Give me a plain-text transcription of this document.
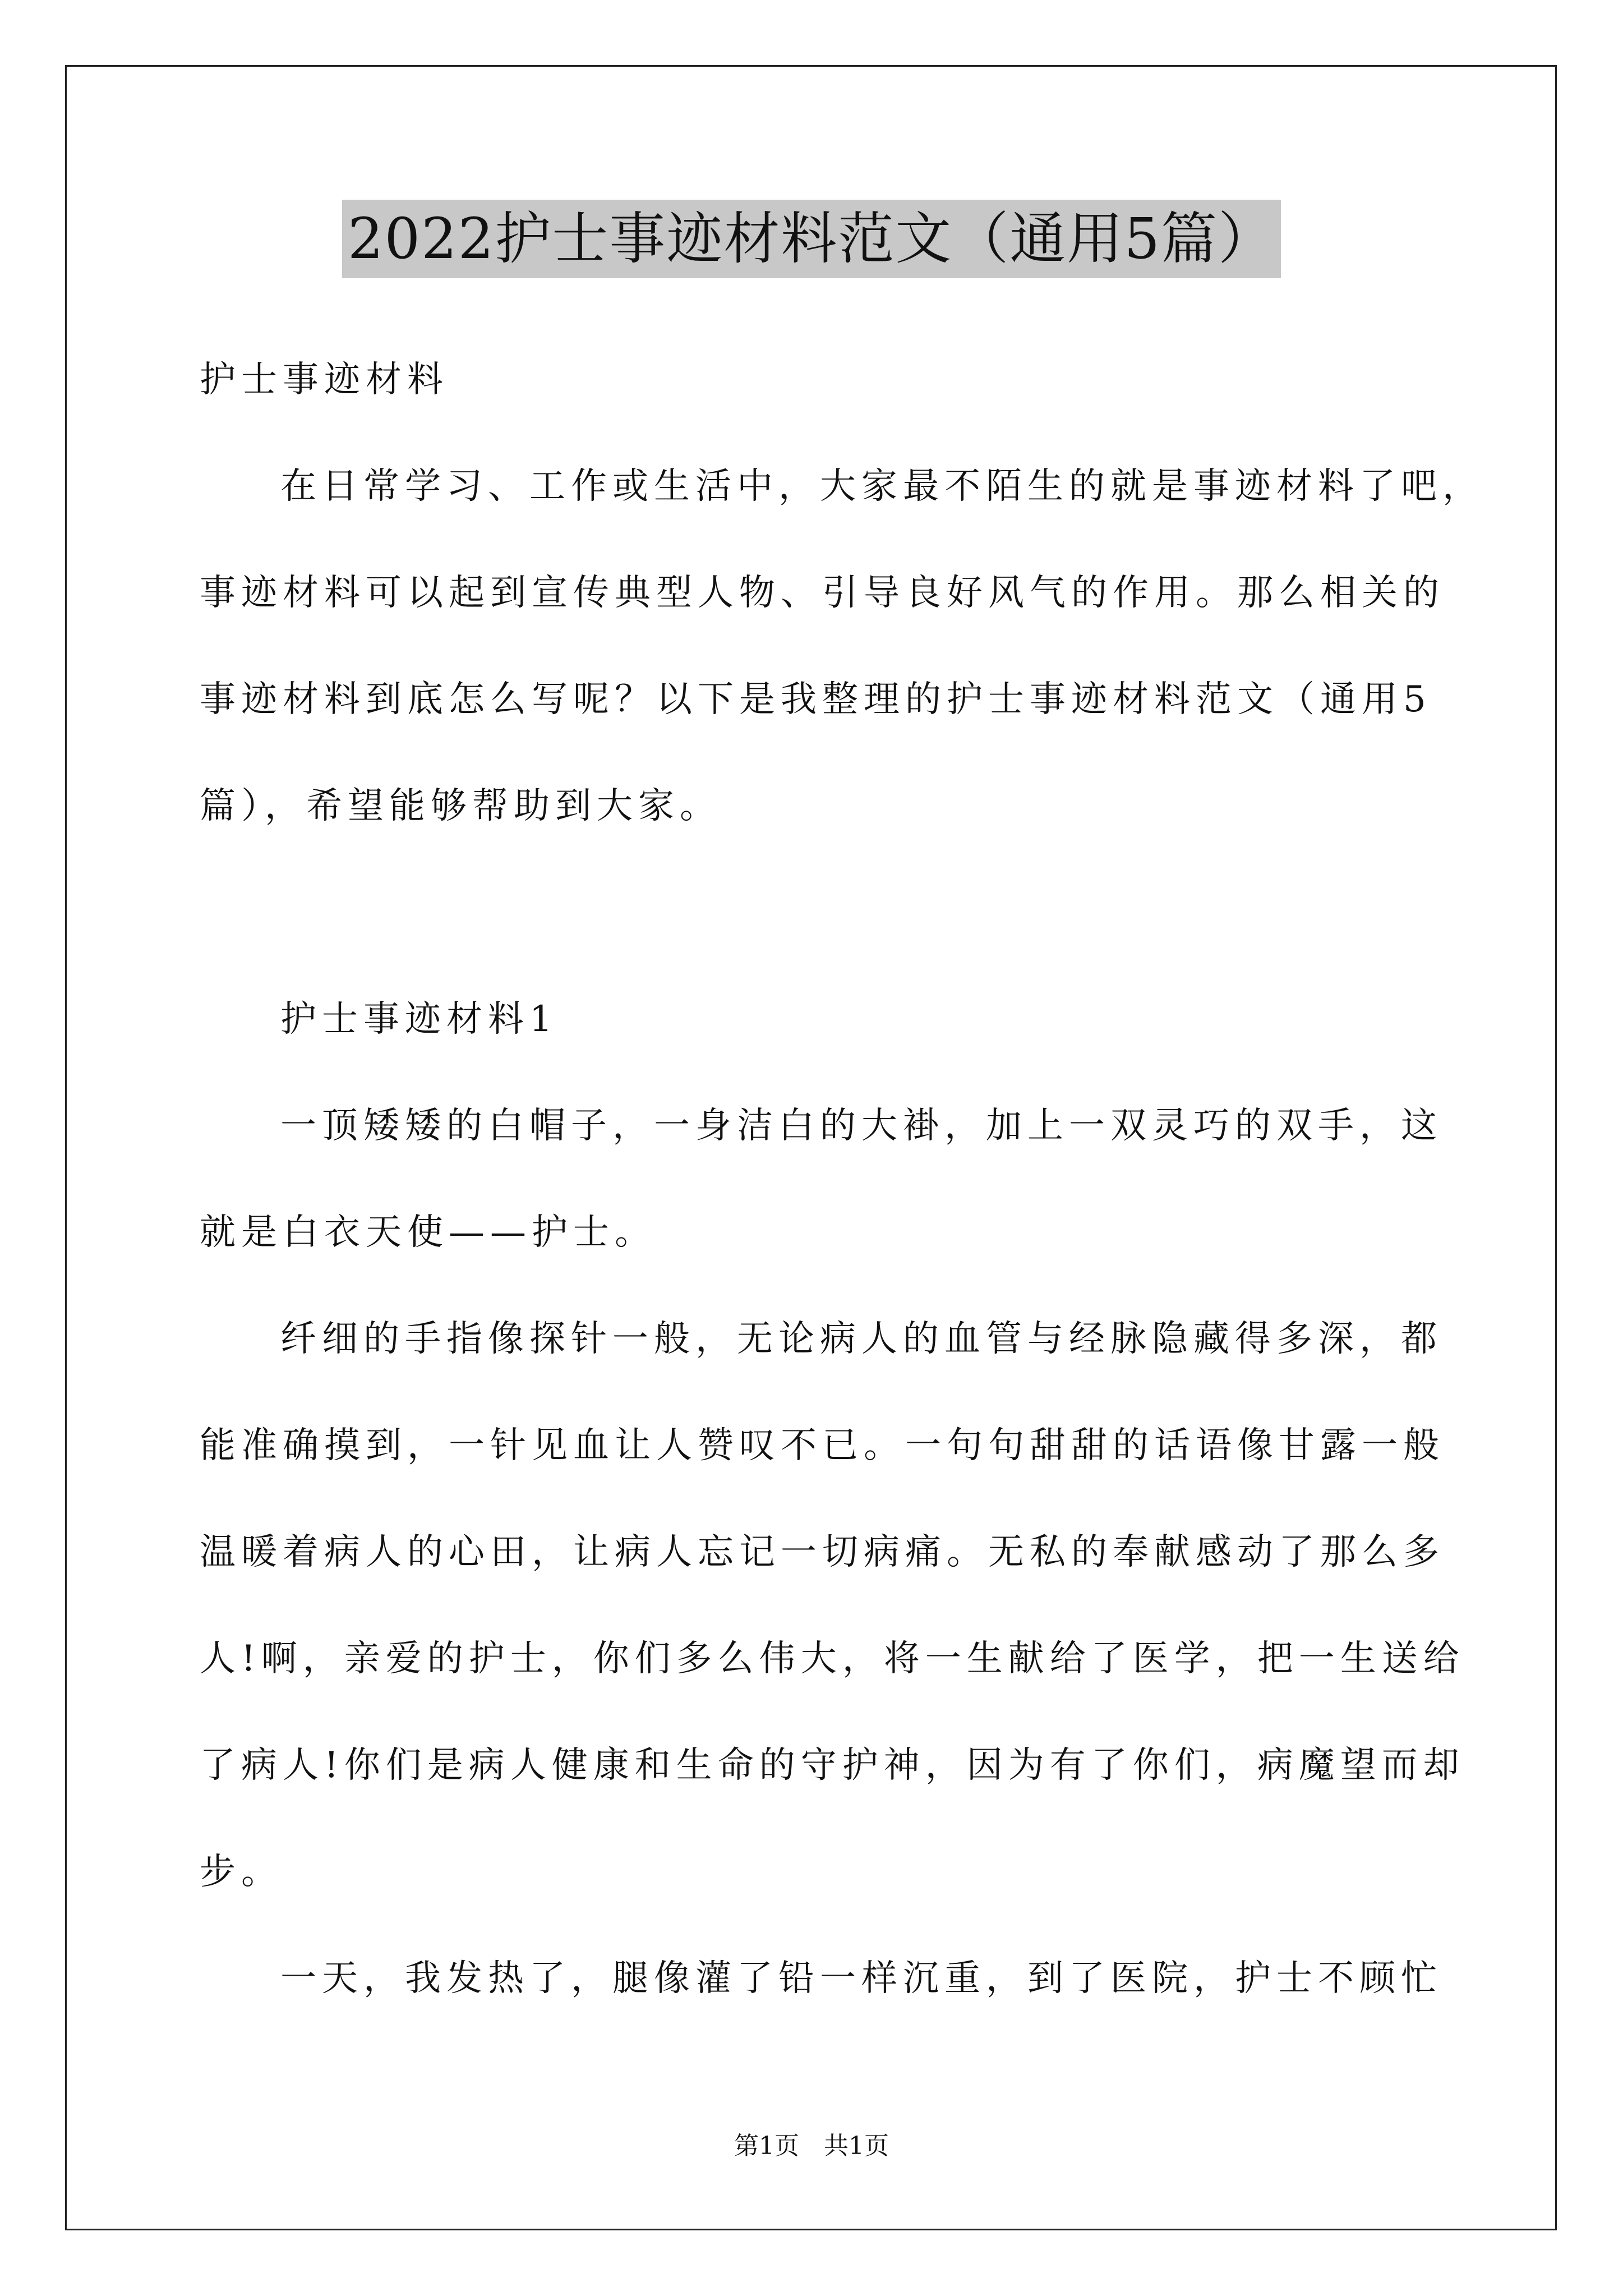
2022护士事迹材料范文（通用5篇）
护士事迹材料
在日常学习、工作或生活中，大家最不陌生的就是事迹材料了吧，
事迹材料可以起到宣传典型人物、引导良好风气的作用。那么相关的
事迹材料到底怎么写呢？以下是我整理的护士事迹材料范文（通用5
篇），希望能够帮助到大家。
护士事迹材料1
一顶矮矮的白帽子，一身洁白的大褂，加上一双灵巧的双手，这
就是白衣天使——护士。
纤细的手指像探针一般，无论病人的血管与经脉隐藏得多深，都
能准确摸到，一针见血让人赞叹不已。一句句甜甜的话语像甘露一般
温暖着病人的心田，让病人忘记一切病痛。无私的奉献感动了那么多
人!啊，亲爱的护士，你们多么伟大，将一生献给了医学，把一生送给
了病人!你们是病人健康和生命的守护神，因为有了你们，病魔望而却
步。
一天，我发热了，腿像灌了铅一样沉重，到了医院，护士不顾忙
第1页　共1页
